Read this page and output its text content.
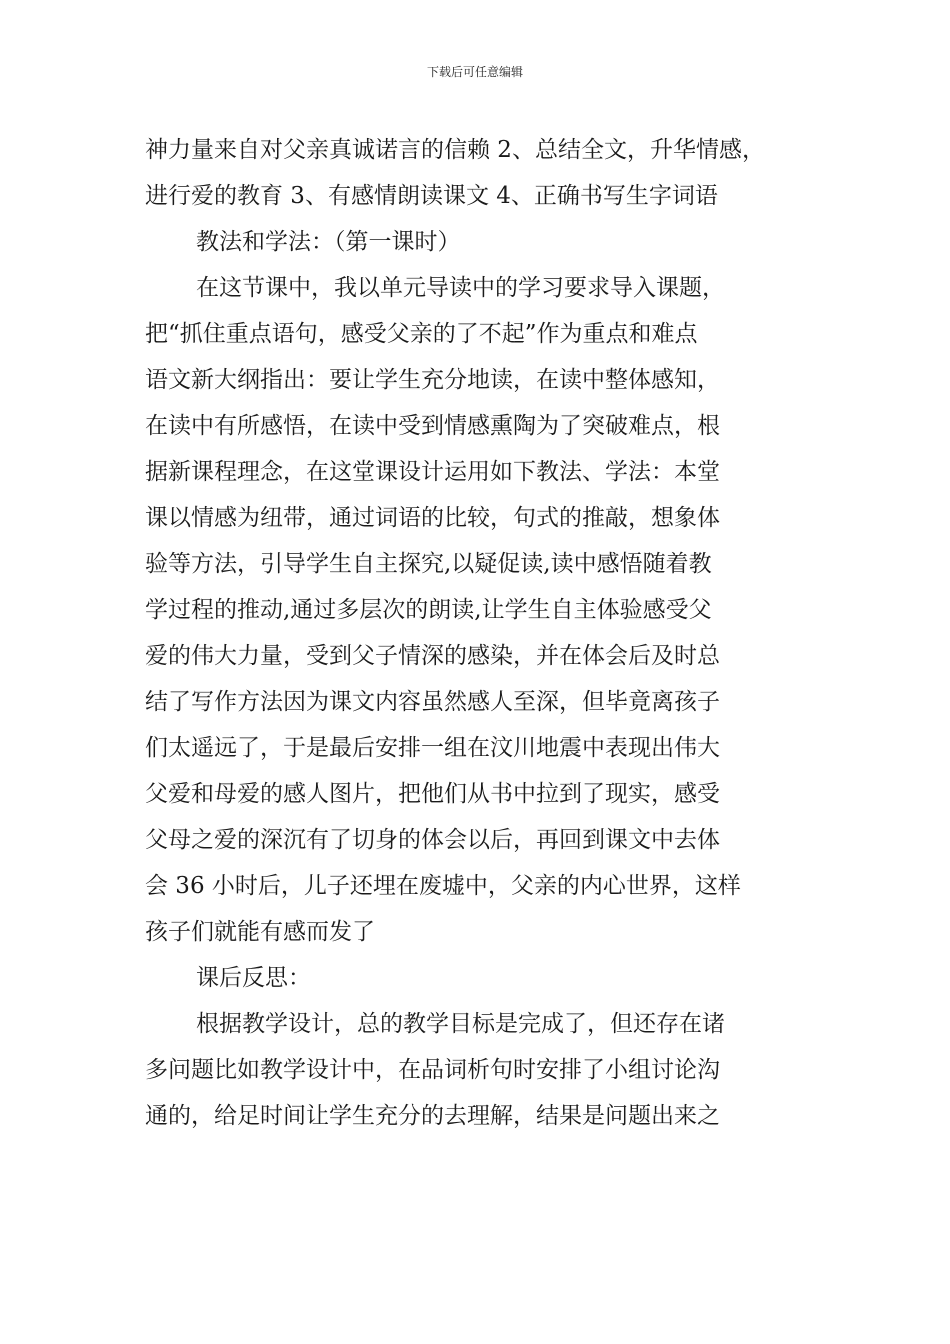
下载后可任意编辑
神力量来自对父亲真诚诺言的信赖 2、总结全文，升华情感，
进行爱的教育 3、有感情朗读课文 4、正确书写生字词语
教法和学法：（第一课时）
在这节课中，我以单元导读中的学习要求导入课题，
把“抓住重点语句，感受父亲的了不起”作为重点和难点
语文新大纲指出：要让学生充分地读，在读中整体感知，
在读中有所感悟，在读中受到情感熏陶为了突破难点，根
据新课程理念，在这堂课设计运用如下教法、学法：本堂
课以情感为纽带，通过词语的比较，句式的推敲，想象体
验等方法，引导学生自主探究,以疑促读,读中感悟随着教
学过程的推动,通过多层次的朗读,让学生自主体验感受父
爱的伟大力量，受到父子情深的感染，并在体会后及时总
结了写作方法因为课文内容虽然感人至深，但毕竟离孩子
们太遥远了，于是最后安排一组在汶川地震中表现出伟大
父爱和母爱的感人图片，把他们从书中拉到了现实，感受
父母之爱的深沉有了切身的体会以后，再回到课文中去体
会 36 小时后，儿子还埋在废墟中，父亲的内心世界，这样
孩子们就能有感而发了
课后反思：
根据教学设计，总的教学目标是完成了，但还存在诸
多问题比如教学设计中，在品词析句时安排了小组讨论沟
通的，给足时间让学生充分的去理解，结果是问题出来之
